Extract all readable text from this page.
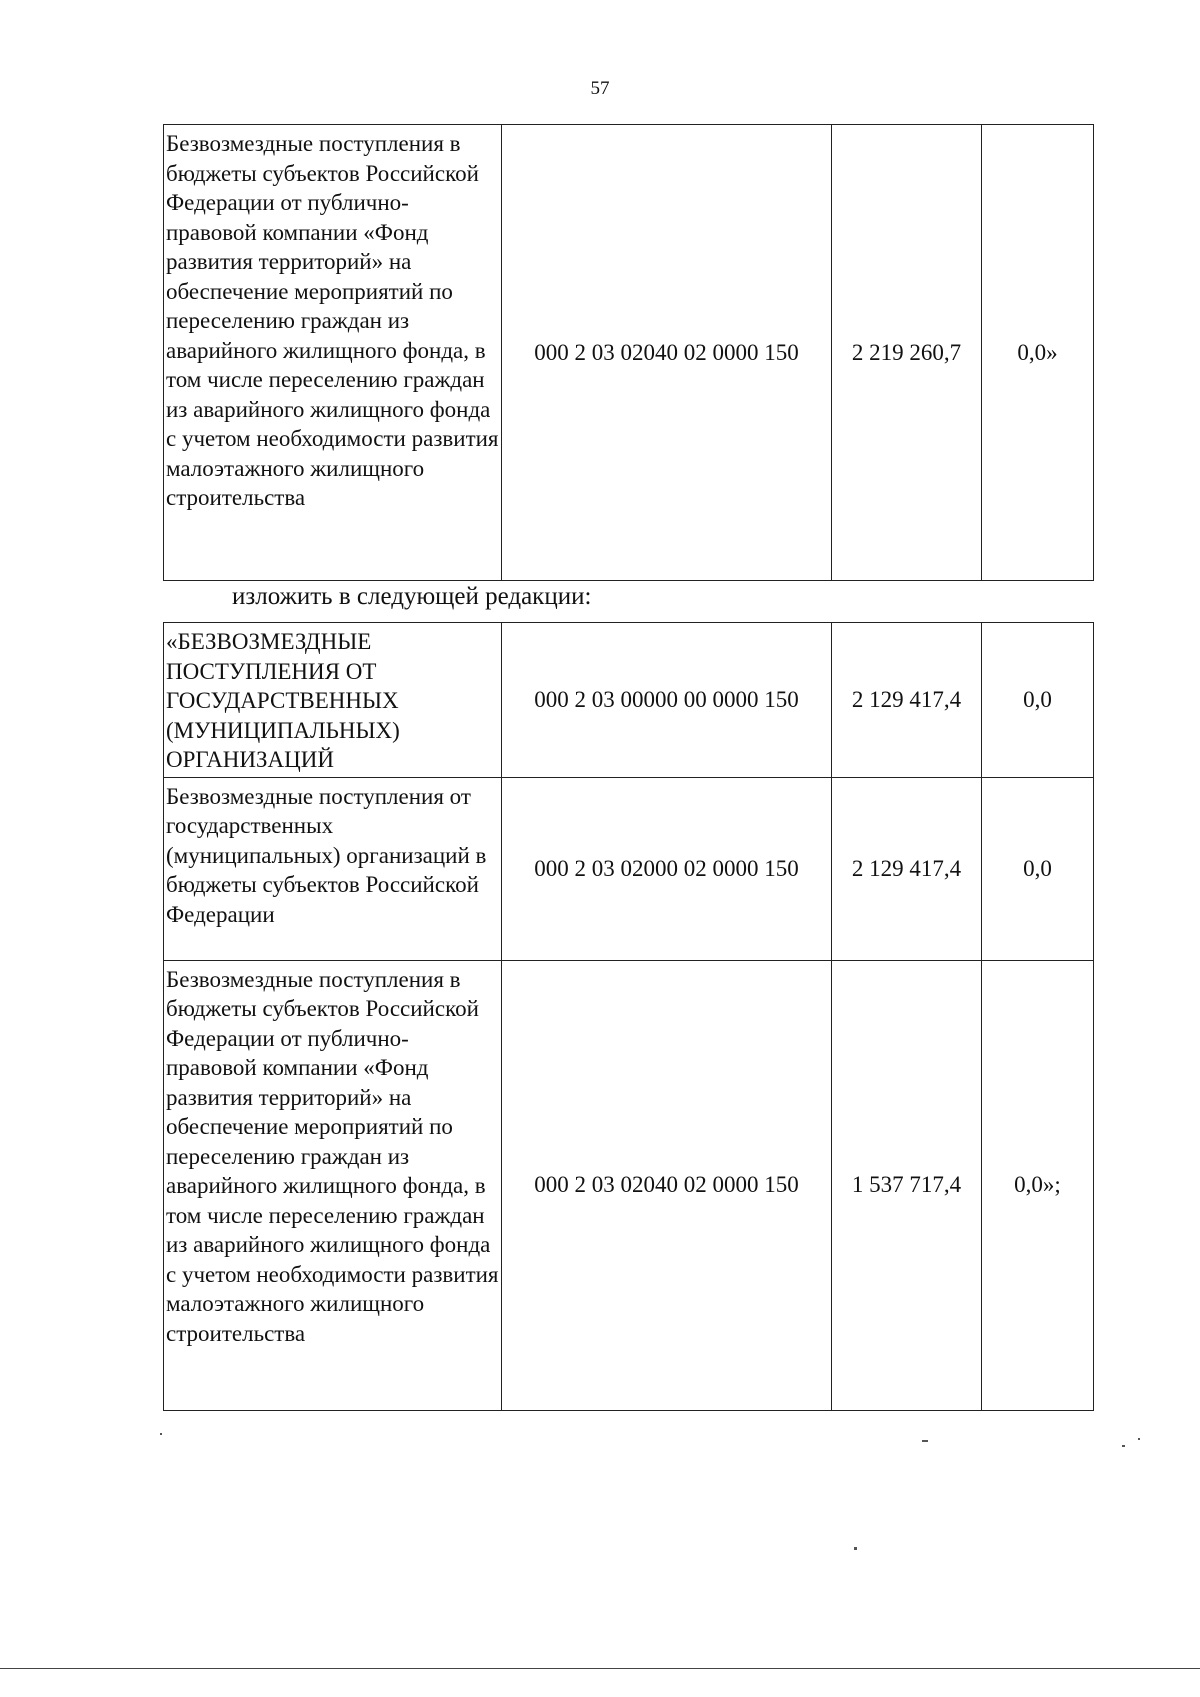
57
Безвозмездные поступления в бюджеты субъектов Российской Федерации от публично-правовой компании «Фонд развития территорий» на обеспечение мероприятий по переселению граждан из аварийного жилищного фонда, в том числе переселению граждан из аварийного жилищного фонда с учетом необходимости развития малоэтажного жилищного строительства	000 2 03 02040 02 0000 150	2 219 260,7	0,0»
изложить в следующей редакции:
«БЕЗВОЗМЕЗДНЫЕ ПОСТУПЛЕНИЯ ОТ ГОСУДАРСТВЕННЫХ (МУНИЦИПАЛЬНЫХ) ОРГАНИЗАЦИЙ	000 2 03 00000 00 0000 150	2 129 417,4	0,0
Безвозмездные поступления от государственных (муниципальных) организаций в бюджеты субъектов Российской Федерации	000 2 03 02000 02 0000 150	2 129 417,4	0,0
Безвозмездные поступления в бюджеты субъектов Российской Федерации от публично-правовой компании «Фонд развития территорий» на обеспечение мероприятий по переселению граждан из аварийного жилищного фонда, в том числе переселению граждан из аварийного жилищного фонда с учетом необходимости развития малоэтажного жилищного строительства	000 2 03 02040 02 0000 150	1 537 717,4	0,0»;
